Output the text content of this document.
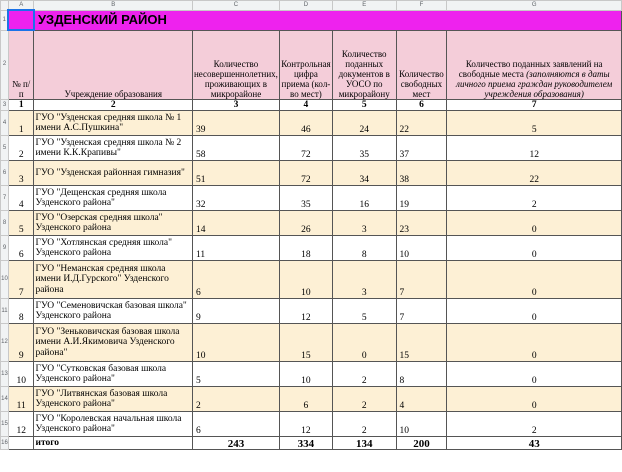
	A	B	C	D	E	F	G
1		УЗДЕНСКИЙ РАЙОН					
2	№ п/п	Учреждение образования	Количество несовершеннолетних, проживающих в микрорайоне	Контрольная цифра приема (кол-во мест)	Количество поданных документов в УОСО по микрорайону	Количество свободных мест	Количество поданных заявлений на свободные места (заполняются в даты личного приема граждан руководителем учреждения образования)
3	1	2	3	4	5	6	7
4	1	ГУО "Узденская средняя школа № 1 имени А.С.Пушкина"	39	46	24	22	5
5	2	ГУО "Узденская средняя школа № 2 имени К.К.Крапивы"	58	72	35	37	12
6	3	ГУО "Узденская районная гимназия"	51	72	34	38	22
7	4	ГУО "Дещенская средняя школа Узденского района"	32	35	16	19	2
8	5	ГУО "Озерская средняя школа" Узденского района	14	26	3	23	0
9	6	ГУО "Хотлянская средняя школа" Узденского района	11	18	8	10	0
10	7	ГУО "Неманская средняя школа имени И.Д.Гурского" Узденского района	6	10	3	7	0
11	8	ГУО "Семеновичская базовая школа" Узденского района	9	12	5	7	0
12	9	ГУО "Зеньковичская базовая школа имени А.И.Якимовича Узденского района"	10	15	0	15	0
13	10	ГУО "Сутковская базовая школа Узденского района"	5	10	2	8	0
14	11	ГУО "Литвянская базовая школа Узденского района"	2	6	2	4	0
15	12	ГУО "Королевская начальная школа Узденского района"	6	12	2	10	2
16		итого	243	334	134	200	43
